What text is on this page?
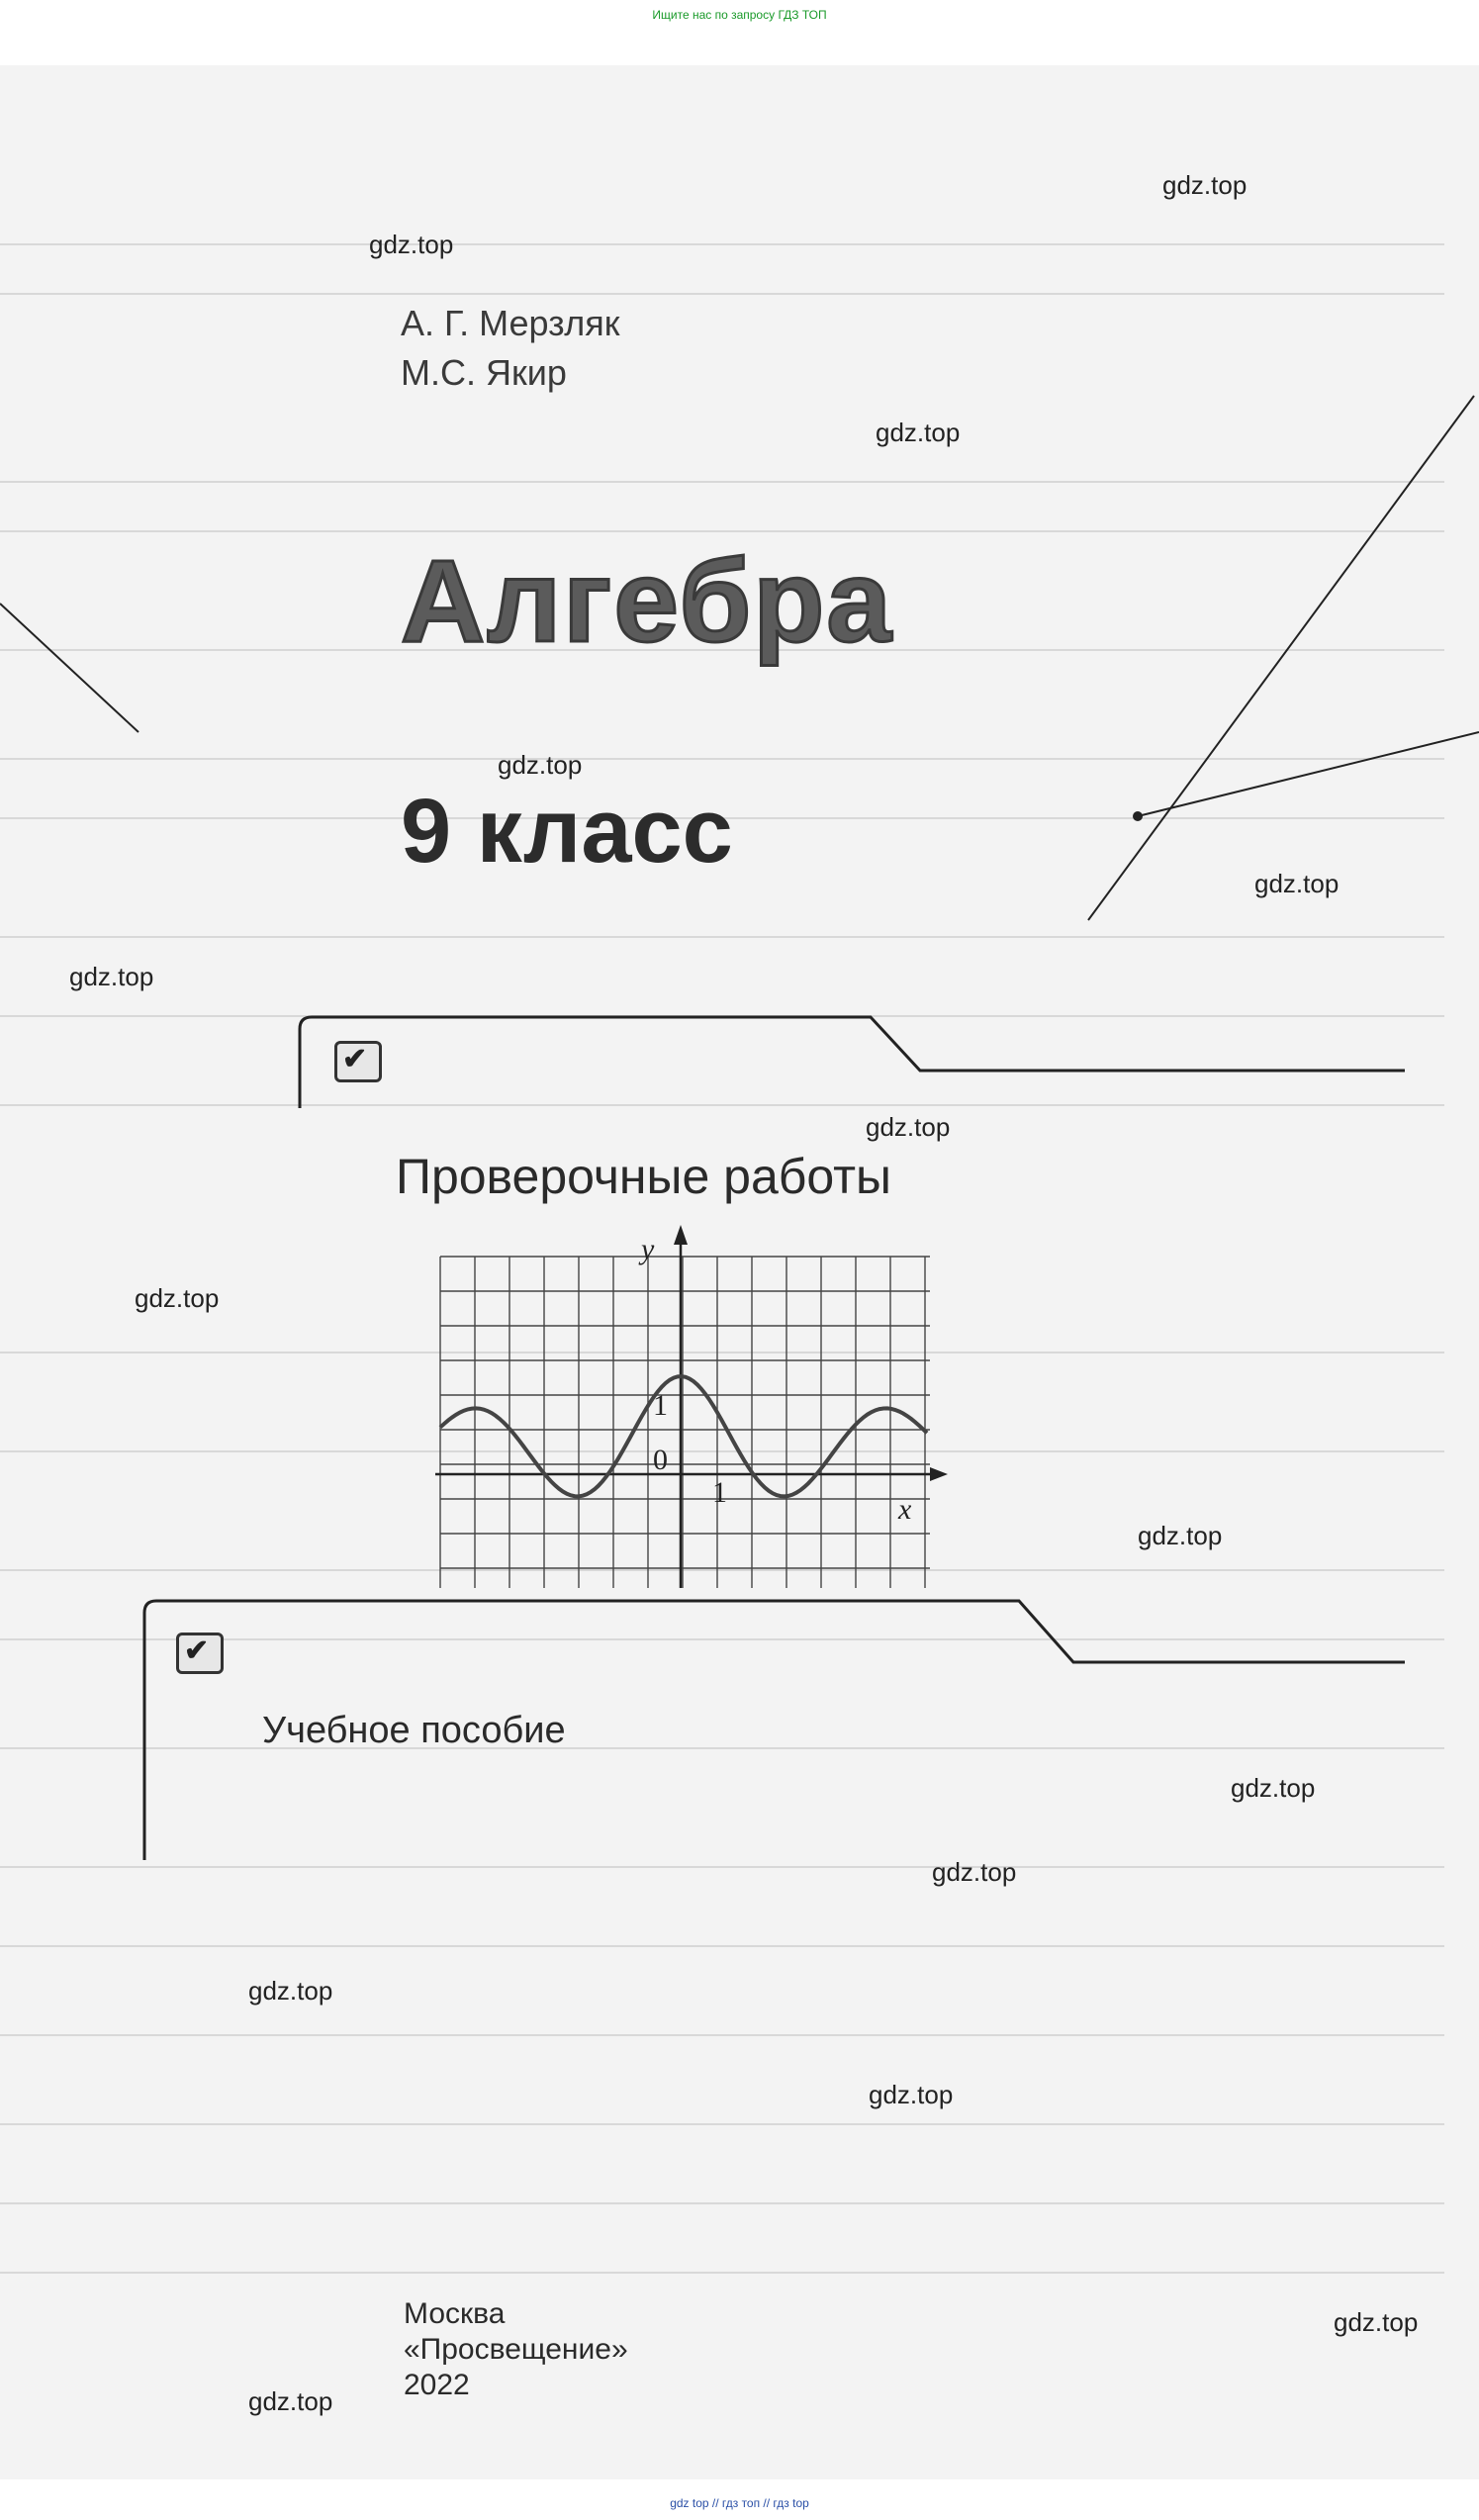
Ищите нас по запросу ГДЗ ТОП
А. Г. Мерзляк
М.С. Якир
Алгебра
9 класс
✔
Проверочные работы
✔
Учебное пособие
y
x
1
0
1
Москва
«Просвещение»
2022
gdz.top
gdz.top
gdz.top
gdz.top
gdz.top
gdz.top
gdz.top
gdz.top
gdz.top
gdz.top
gdz.top
gdz.top
gdz.top
gdz.top
gdz.top
gdz top // гдз топ // гдз top
